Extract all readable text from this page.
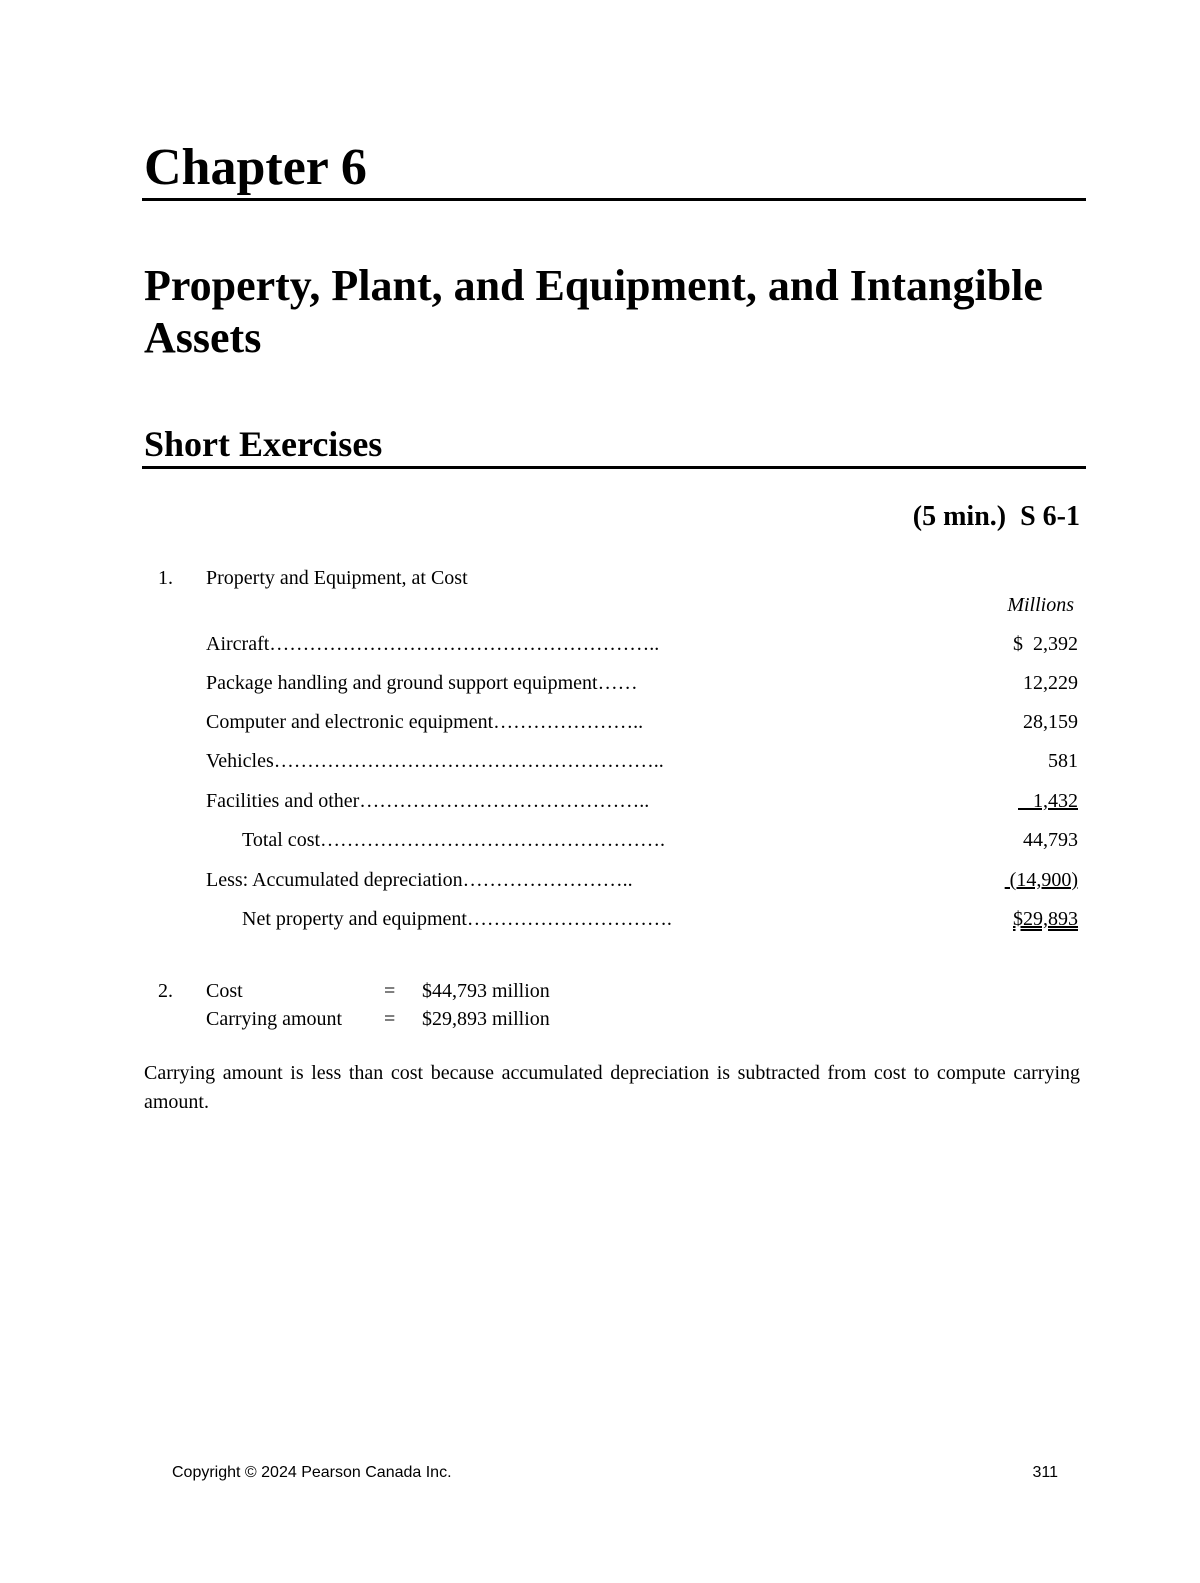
Chapter 6
Property, Plant, and Equipment, and Intangible Assets
Short Exercises
(5 min.)  S 6-1
1. Property and Equipment, at Cost
Millions
Aircraft…………………………………………………..	$  2,392
Package handling and ground support equipment……	12,229
Computer and electronic equipment…………………..	28,159
Vehicles…………………………………………………..	581
Facilities and other……………………………………..	1,432
Total cost…………………………………………….	44,793
Less: Accumulated depreciation……………………..	(14,900)
Net property and equipment………………………….	$29,893
2. Cost	= $44,793 million
Carrying amount = $29,893 million

Carrying amount is less than cost because accumulated depreciation is subtracted from cost to compute carrying amount.

Copyright © 2024 Pearson Canada Inc.	311
